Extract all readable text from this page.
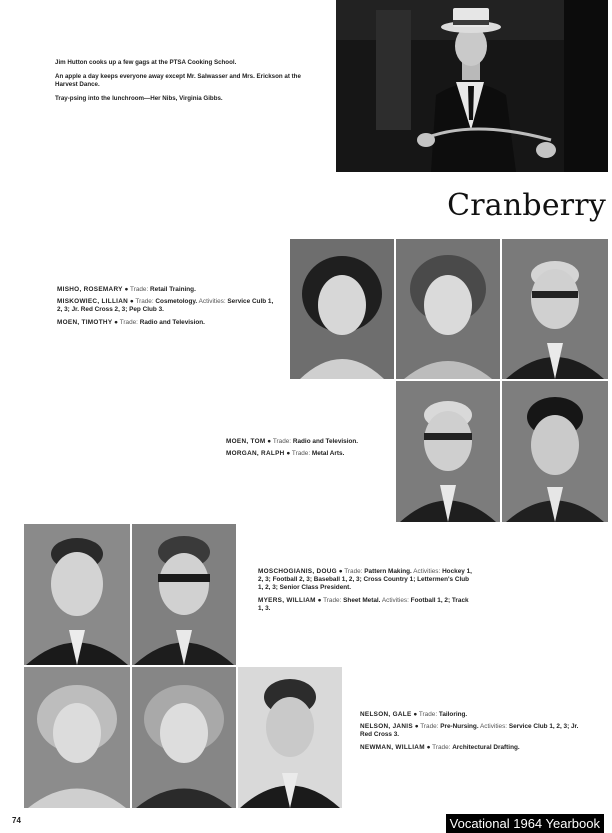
Jim Hutton cooks up a few gags at the PTSA Cooking School.

An apple a day keeps everyone away except Mr. Salwasser and Mrs. Erickson at the Harvest Dance.

Tray-psing into the lunchroom—Her Nibs, Virginia Gibbs.

Cranberry
MISHO, ROSEMARY ● Trade: Retail Training.
MISKOWIEC, LILLIAN ● Trade: Cosmetology. Activities: Service Culb 1, 2, 3; Jr. Red Cross 2, 3; Pep Club 3.
MOEN, TIMOTHY ● Trade: Radio and Television.
MOEN, TOM ● Trade: Radio and Television.
MORGAN, RALPH ● Trade: Metal Arts.
MOSCHOGIANIS, DOUG ● Trade: Pattern Making. Activities: Hockey 1, 2, 3; Football 2, 3; Baseball 1, 2, 3; Cross Country 1; Lettermen's Club 1, 2, 3; Senior Class President.
MYERS, WILLIAM ● Trade: Sheet Metal. Activities: Football 1, 2; Track 1, 3.
NELSON, GALE ● Trade: Tailoring.
NELSON, JANIS ● Trade: Pre-Nursing. Activities: Service Club 1, 2, 3; Jr. Red Cross 3.
NEWMAN, WILLIAM ● Trade: Architectural Drafting.
74	Vocational 1964 Yearbook
